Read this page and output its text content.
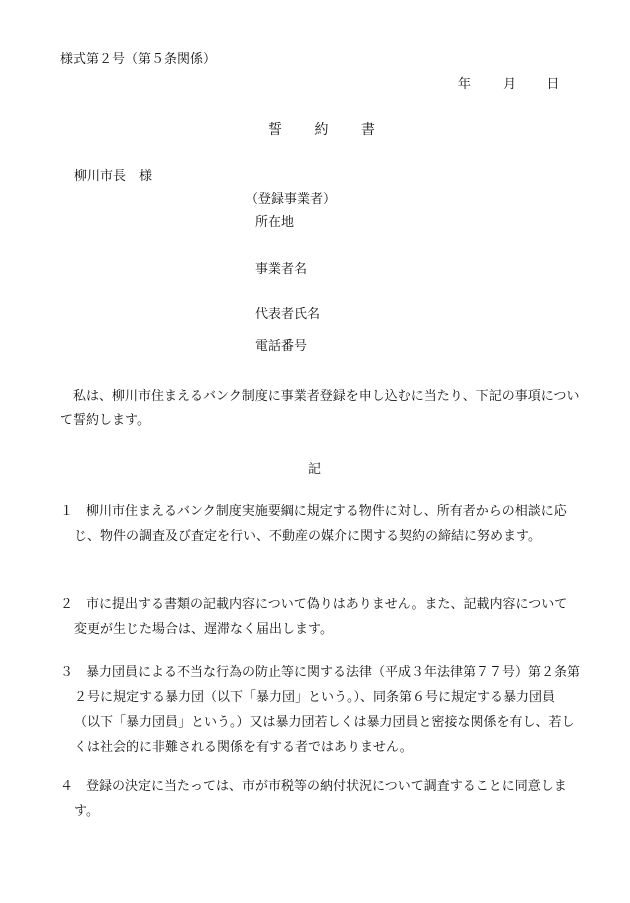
様式第２号（第５条関係）
年 月 日
誓 約 書
柳川市長　様
（登録事業者）
所在地
事業者名
代表者氏名
電話番号
　私は、柳川市住まえるバンク制度に事業者登録を申し込むに当たり、下記の事項について誓約します。
記
１ 柳川市住まえるバンク制度実施要綱に規定する物件に対し、所有者からの相談に応じ、物件の調査及び査定を行い、不動産の媒介に関する契約の締結に努めます。
２ 市に提出する書類の記載内容について偽りはありません。また、記載内容について変更が生じた場合は、遅滞なく届出します。
３ 暴力団員による不当な行為の防止等に関する法律（平成３年法律第７７号）第２条第２号に規定する暴力団（以下「暴力団」という。）、同条第６号に規定する暴力団員（以下「暴力団員」という。）又は暴力団若しくは暴力団員と密接な関係を有し、若しくは社会的に非難される関係を有する者ではありません。
４ 登録の決定に当たっては、市が市税等の納付状況について調査することに同意します。
